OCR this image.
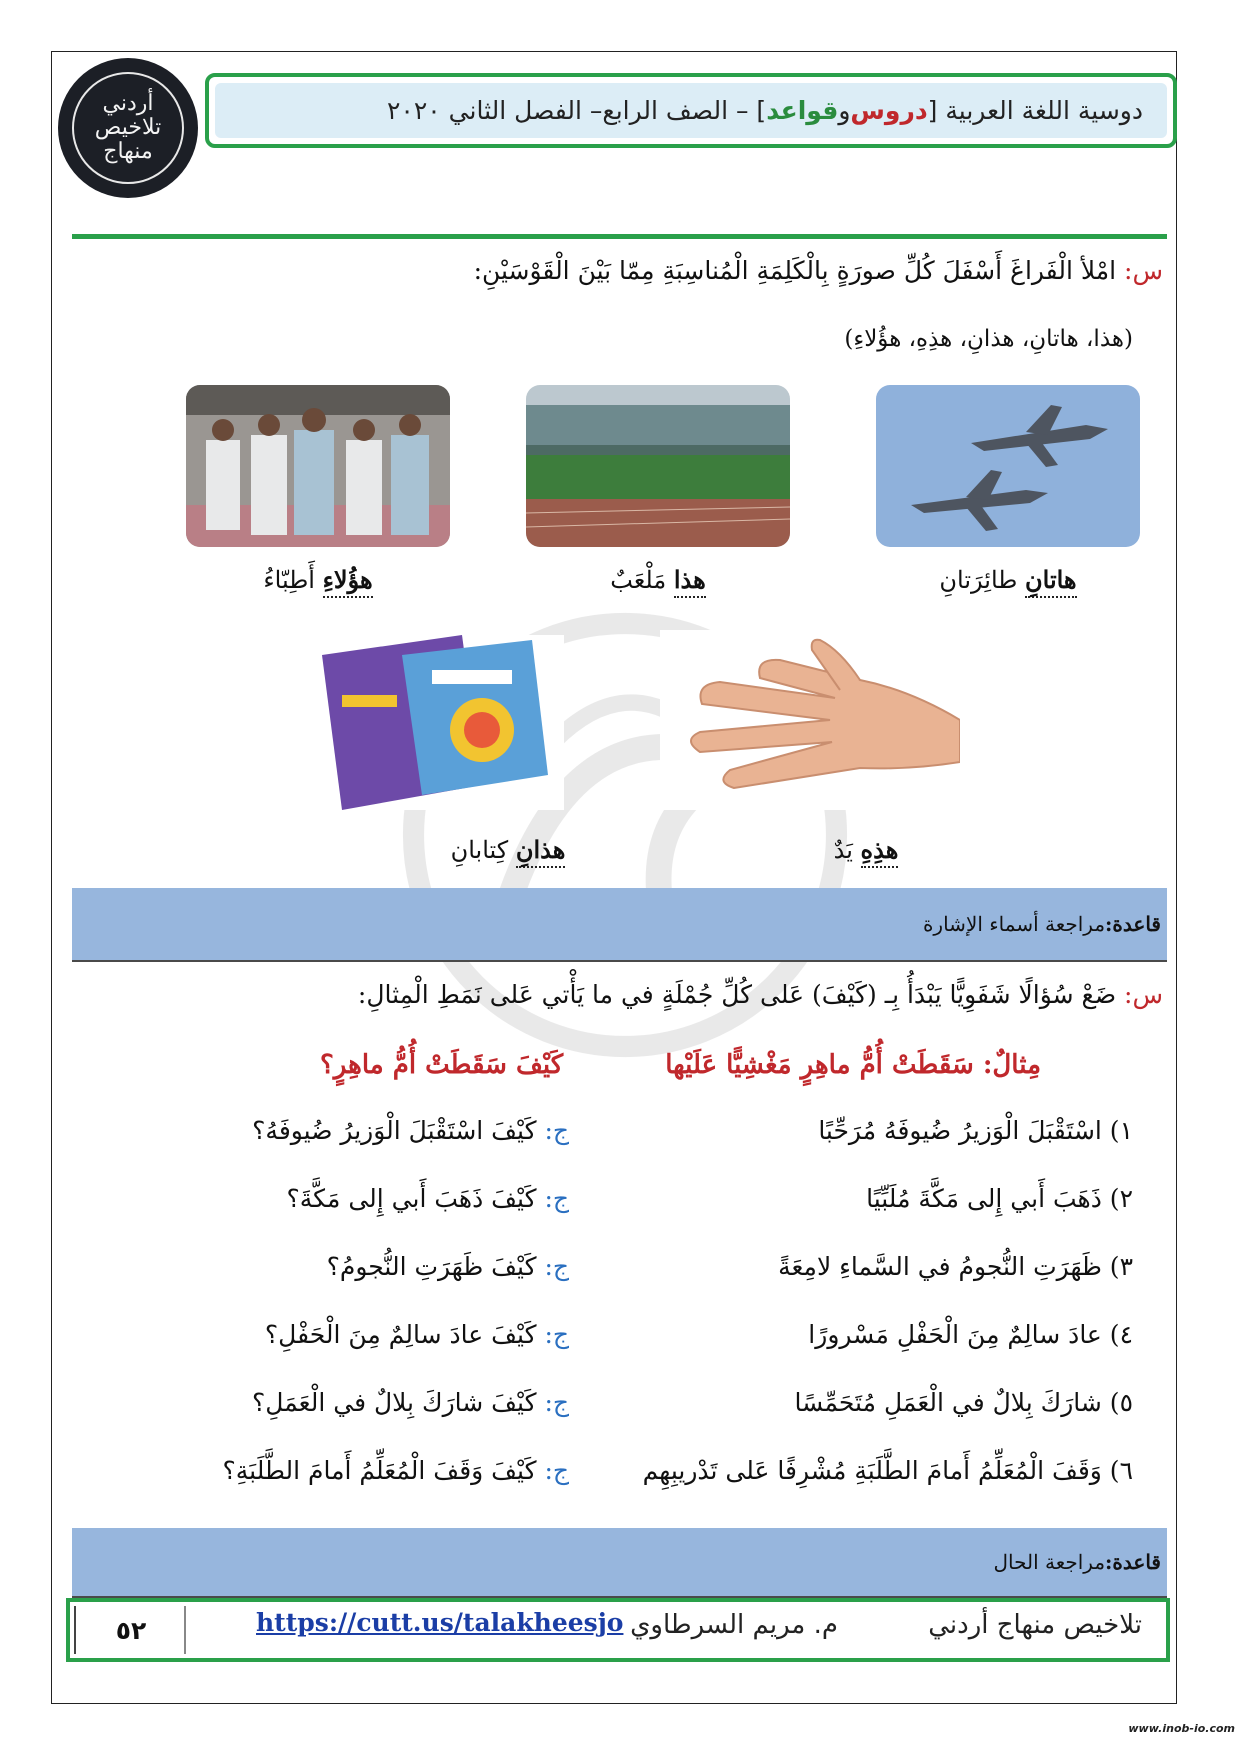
أردني
تلاخيص
منهاج
دوسية اللغة العربية [
دروس
و
قواعد
] – الصف الرابع– الفصل الثاني ٢٠٢٠
س: امْلأ الْفَراغَ أَسْفَلَ كُلِّ صورَةٍ بِالْكَلِمَةِ الْمُناسِبَةِ مِمّا بَيْنَ الْقَوْسَيْنِ:
(هذا، هاتانِ، هذانِ، هذِهِ، هؤُلاءِ)
هاتانِ طائِرَتانِ
هذا مَلْعَبٌ
هؤُلاءِ أَطِبّاءُ
هذِهِ يَدٌ
هذانِ كِتابانِ
قاعدة:
مراجعة أسماء الإشارة
س: ضَعْ سُؤالًا شَفَوِيًّا يَبْدَأُ بِـ (كَيْفَ) عَلى كُلِّ جُمْلَةٍ في ما يَأْتي عَلى نَمَطِ الْمِثالِ:
مِثالٌ: سَقَطَتْ أُمُّ ماهِرٍ مَغْشِيًّا عَلَيْها
كَيْفَ سَقَطَتْ أُمُّ ماهِرٍ؟
١) اسْتَقْبَلَ الْوَزيرُ ضُيوفَهُ مُرَحِّبًا
ج: كَيْفَ اسْتَقْبَلَ الْوَزيرُ ضُيوفَهُ؟
٢) ذَهَبَ أَبي إِلى مَكَّةَ مُلَبِّيًا
ج: كَيْفَ ذَهَبَ أَبي إِلى مَكَّةَ؟
٣) ظَهَرَتِ النُّجومُ في السَّماءِ لامِعَةً
ج: كَيْفَ ظَهَرَتِ النُّجومُ؟
٤) عادَ سالِمٌ مِنَ الْحَفْلِ مَسْرورًا
ج: كَيْفَ عادَ سالِمٌ مِنَ الْحَفْلِ؟
٥) شارَكَ بِلالٌ في الْعَمَلِ مُتَحَمِّسًا
ج: كَيْفَ شارَكَ بِلالٌ في الْعَمَلِ؟
٦) وَقَفَ الْمُعَلِّمُ أَمامَ الطَّلَبَةِ مُشْرِفًا عَلى تَدْريبِهِم
ج: كَيْفَ وَقَفَ الْمُعَلِّمُ أَمامَ الطَّلَبَةِ؟
قاعدة:
مراجعة الحال
تلاخيص منهاج أردني
م. مريم السرطاوي
https://cutt.us/talakheesjo
٥٢
www.inob-io.com
